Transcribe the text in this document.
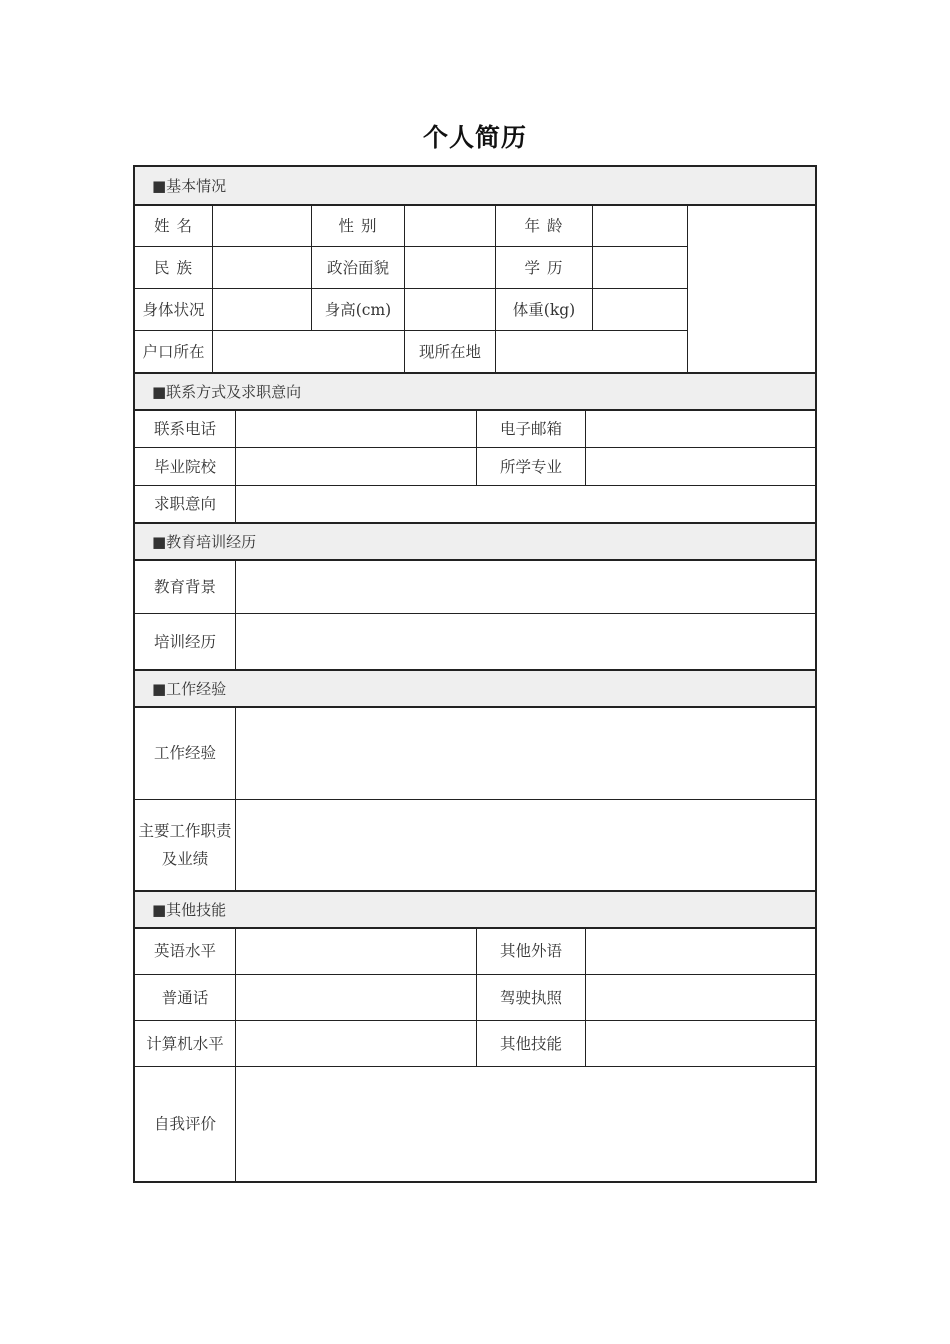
个人简历
■基本情况
■联系方式及求职意向
■教育培训经历
■工作经验
■其他技能
姓 名	性 别	年 龄
民 族	政治面貌	学 历
身体状况	身高(cm)	体重(kg)
户口所在	现所在地
联系电话	电子邮箱
毕业院校	所学专业
求职意向
教育背景
培训经历
工作经验
主要工作职责
及业绩
英语水平	其他外语
普通话	驾驶执照
计算机水平	其他技能
自我评价
